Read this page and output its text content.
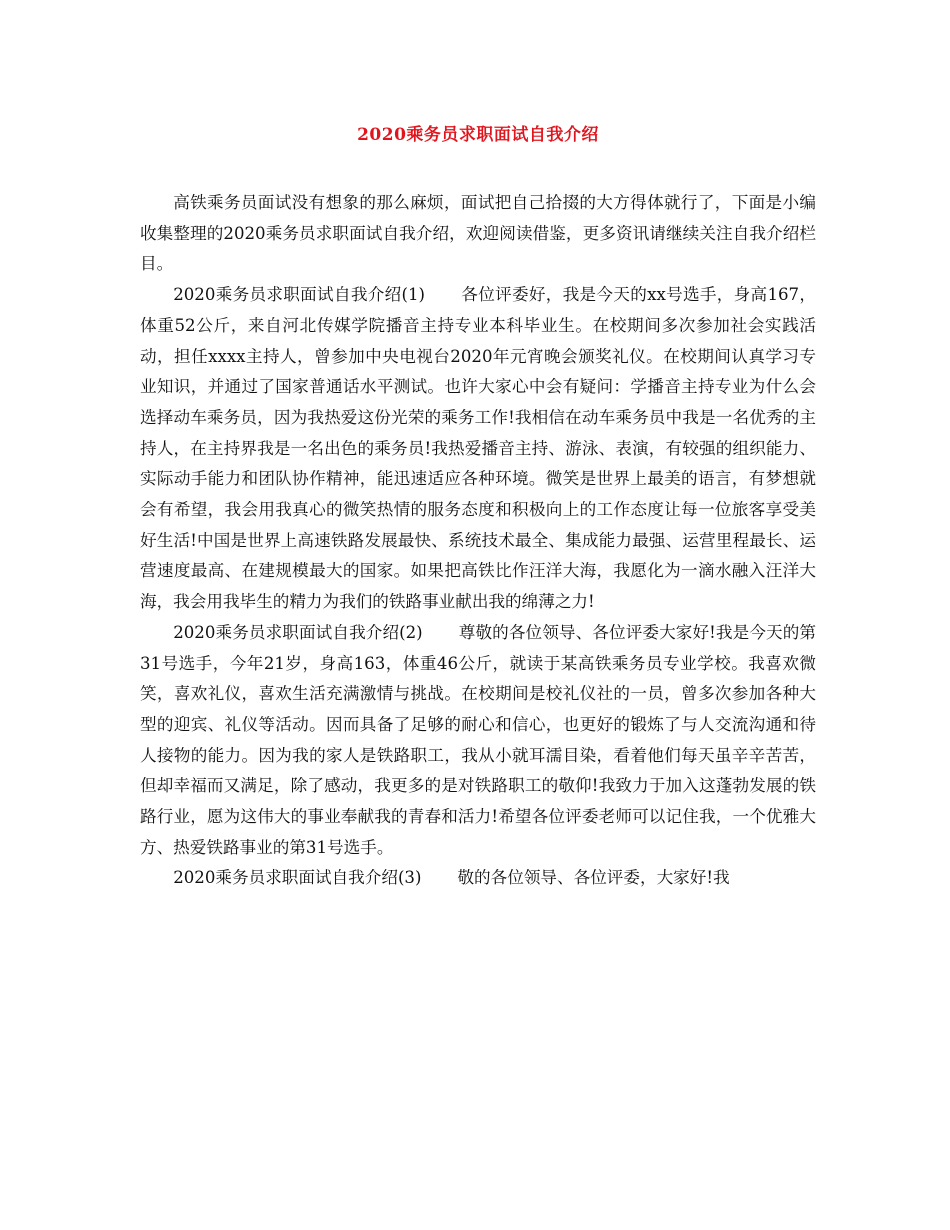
2020乘务员求职面试自我介绍

高铁乘务员面试没有想象的那么麻烦，面试把自己拾掇的大方得体就行了，下面是小编收集整理的2020乘务员求职面试自我介绍，欢迎阅读借鉴，更多资讯请继续关注自我介绍栏目。

2020乘务员求职面试自我介绍(1) 各位评委好，我是今天的xx号选手，身高167，体重52公斤，来自河北传媒学院播音主持专业本科毕业生。在校期间多次参加社会实践活动，担任xxxx主持人，曾参加中央电视台2020年元宵晚会颁奖礼仪。在校期间认真学习专业知识，并通过了国家普通话水平测试。也许大家心中会有疑问：学播音主持专业为什么会选择动车乘务员，因为我热爱这份光荣的乘务工作!我相信在动车乘务员中我是一名优秀的主持人，在主持界我是一名出色的乘务员!我热爱播音主持、游泳、表演，有较强的组织能力、实际动手能力和团队协作精神，能迅速适应各种环境。微笑是世界上最美的语言，有梦想就会有希望，我会用我真心的微笑热情的服务态度和积极向上的工作态度让每一位旅客享受美好生活!中国是世界上高速铁路发展最快、系统技术最全、集成能力最强、运营里程最长、运营速度最高、在建规模最大的国家。如果把高铁比作汪洋大海，我愿化为一滴水融入汪洋大海，我会用我毕生的精力为我们的铁路事业献出我的绵薄之力!

2020乘务员求职面试自我介绍(2) 尊敬的各位领导、各位评委大家好!我是今天的第31号选手，今年21岁，身高163，体重46公斤，就读于某高铁乘务员专业学校。我喜欢微笑，喜欢礼仪，喜欢生活充满激情与挑战。在校期间是校礼仪社的一员，曾多次参加各种大型的迎宾、礼仪等活动。因而具备了足够的耐心和信心，也更好的锻炼了与人交流沟通和待人接物的能力。因为我的家人是铁路职工，我从小就耳濡目染，看着他们每天虽辛辛苦苦，但却幸福而又满足，除了感动，我更多的是对铁路职工的敬仰!我致力于加入这蓬勃发展的铁路行业，愿为这伟大的事业奉献我的青春和活力!希望各位评委老师可以记住我，一个优雅大方、热爱铁路事业的第31号选手。

2020乘务员求职面试自我介绍(3) 敬的各位领导、各位评委，大家好!我
